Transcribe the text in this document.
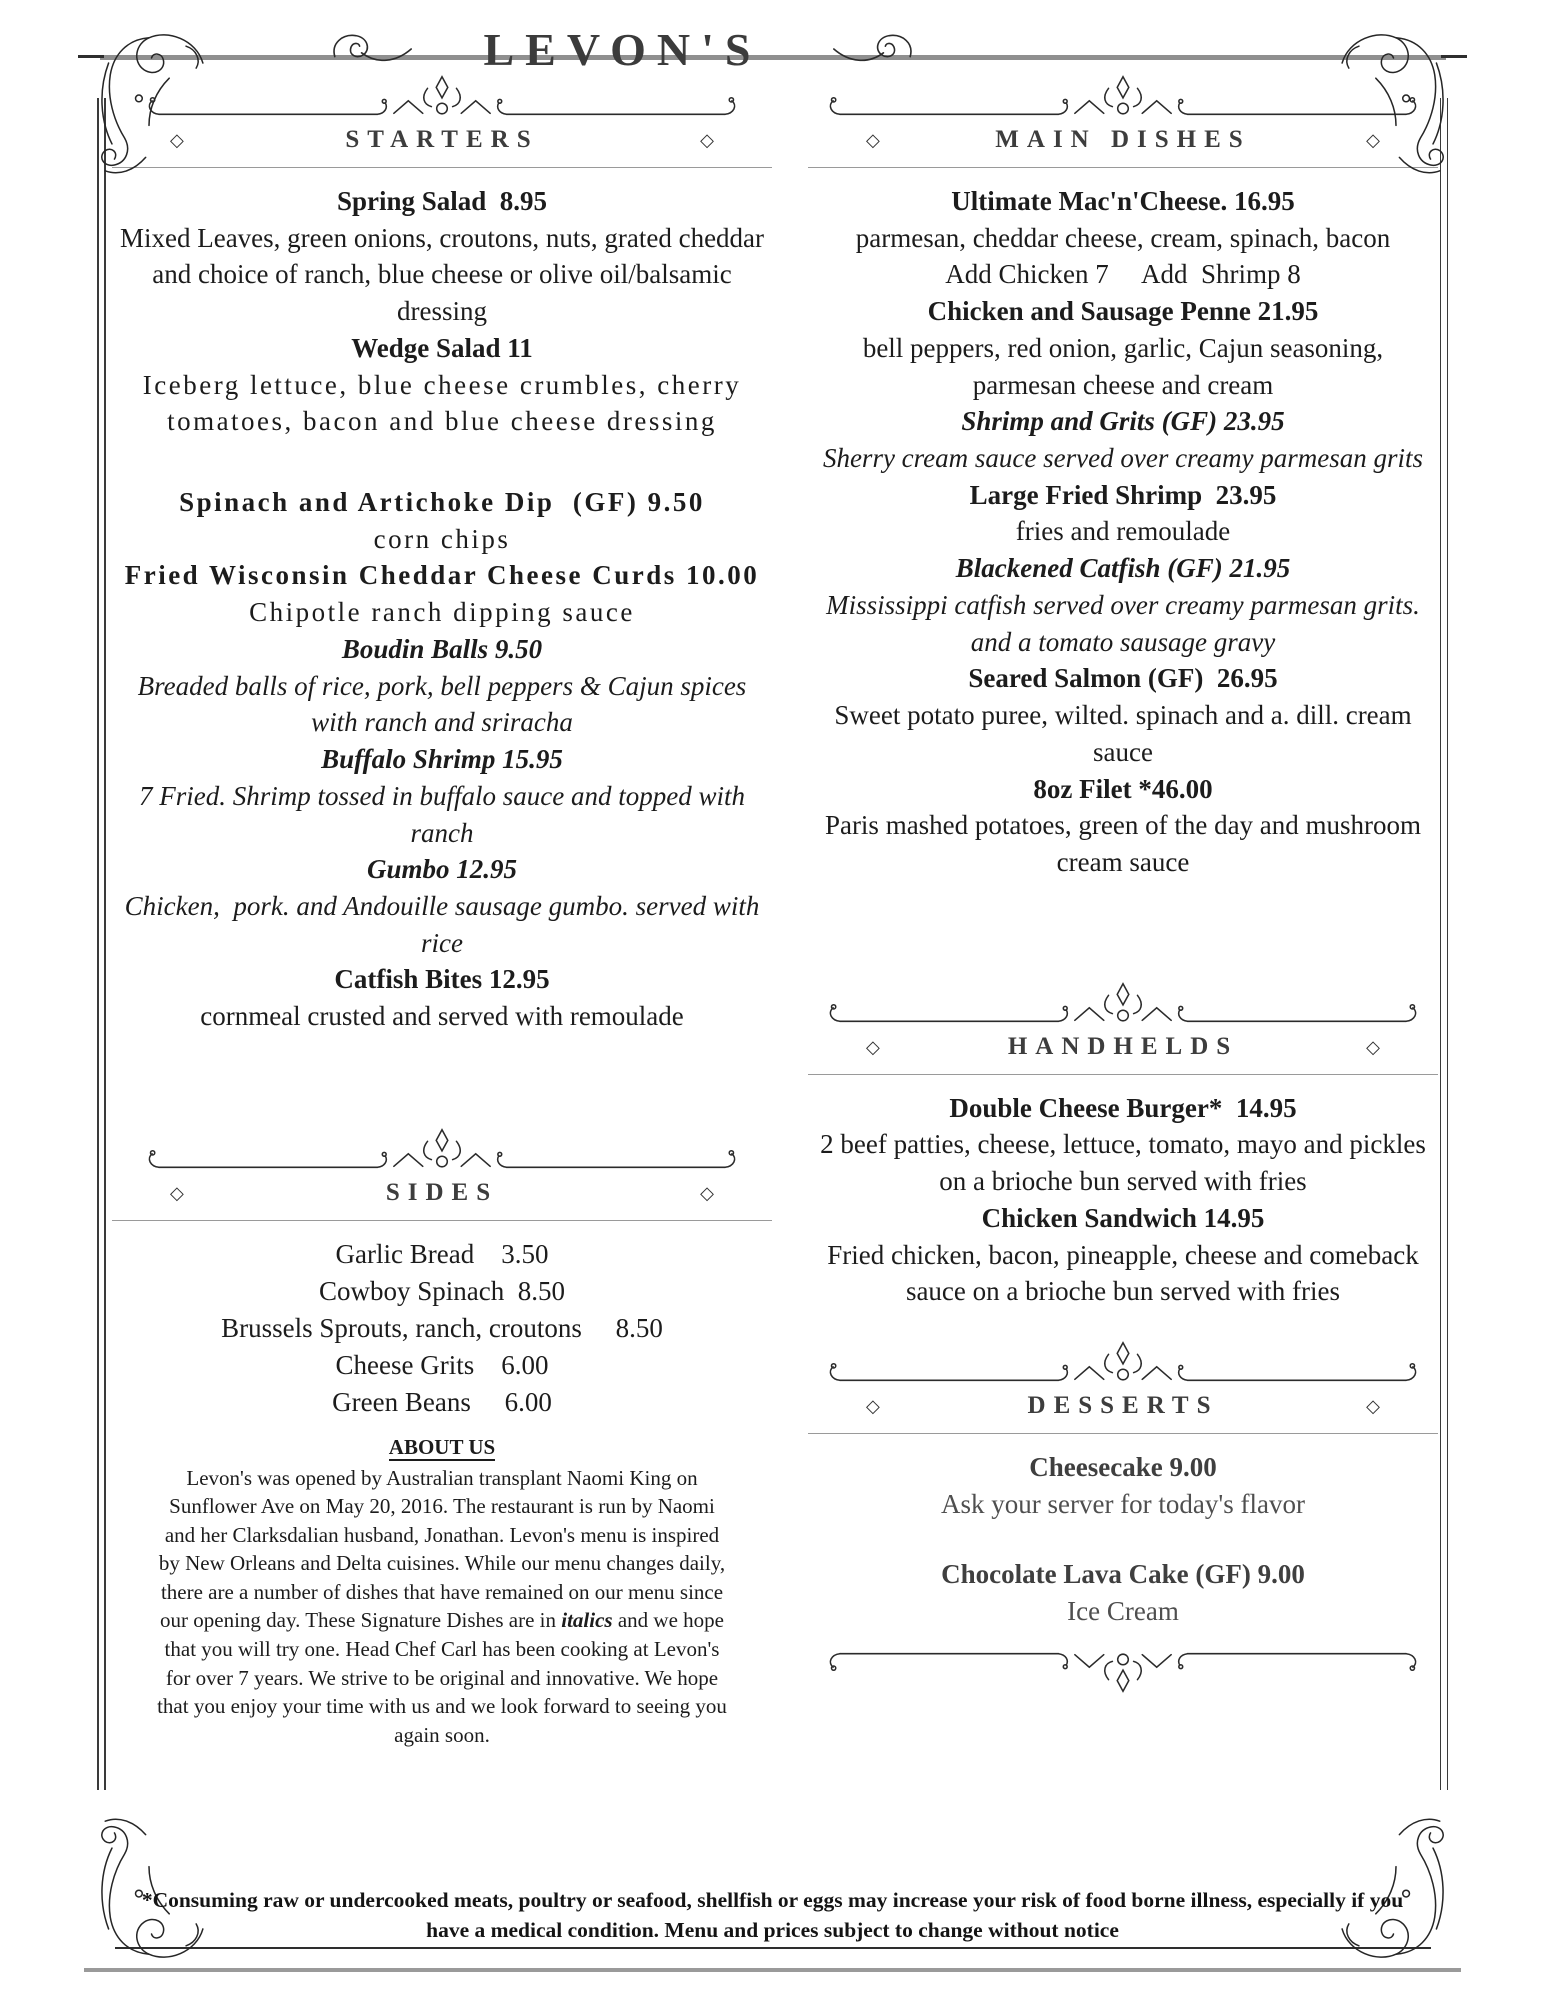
LEVON'S
◇	STARTERS	◇

Spring Salad  8.95

Mixed Leaves, green onions, croutons, nuts, grated cheddar and choice of ranch, blue cheese or olive oil/balsamic dressing

Wedge Salad 11

Iceberg lettuce, blue cheese crumbles, cherry tomatoes, bacon and blue cheese dressing

Spinach and Artichoke Dip  (GF) 9.50

corn chips

Fried Wisconsin Cheddar Cheese Curds 10.00

Chipotle ranch dipping sauce

Boudin Balls 9.50

Breaded balls of rice, pork, bell peppers & Cajun spices with ranch and sriracha

Buffalo Shrimp 15.95

7 Fried. Shrimp tossed in buffalo sauce and topped with ranch

Gumbo 12.95

Chicken,  pork. and Andouille sausage gumbo. served with rice

Catfish Bites 12.95

cornmeal crusted and served with remoulade

◇	SIDES	◇

Garlic Bread    3.50

Cowboy Spinach  8.50

Brussels Sprouts, ranch, croutons     8.50

Cheese Grits    6.00

Green Beans     6.00

ABOUT US

Levon's was opened by Australian transplant Naomi King on Sunflower Ave on May 20, 2016. The restaurant is run by Naomi and her Clarksdalian husband, Jonathan. Levon's menu is inspired by New Orleans and Delta cuisines. While our menu changes daily, there are a number of dishes that have remained on our menu since our opening day. These Signature Dishes are in italics and we hope that you will try one. Head Chef Carl has been cooking at Levon's for over 7 years. We strive to be original and innovative. We hope that you enjoy your time with us and we look forward to seeing you again soon.

◇	MAIN DISHES	◇

Ultimate Mac'n'Cheese. 16.95

parmesan, cheddar cheese, cream, spinach, bacon

Add Chicken 7     Add  Shrimp 8

Chicken and Sausage Penne 21.95

bell peppers, red onion, garlic, Cajun seasoning,  parmesan cheese and cream

Shrimp and Grits (GF) 23.95

Sherry cream sauce served over creamy parmesan grits

Large Fried Shrimp  23.95

fries and remoulade

Blackened Catfish (GF) 21.95

Mississippi catfish served over creamy parmesan grits. and a tomato sausage gravy

Seared Salmon (GF)  26.95

Sweet potato puree, wilted. spinach and a. dill. cream sauce

8oz Filet *46.00

Paris mashed potatoes, green of the day and mushroom cream sauce

◇	HANDHELDS	◇

Double Cheese Burger*  14.95

2 beef patties, cheese, lettuce, tomato, mayo and pickles on a brioche bun served with fries

Chicken Sandwich 14.95

Fried chicken, bacon, pineapple, cheese and comeback sauce on a brioche bun served with fries

◇	DESSERTS	◇

Cheesecake 9.00

Ask your server for today's flavor

Chocolate Lava Cake (GF) 9.00

Ice Cream

*Consuming raw or undercooked meats, poultry or seafood, shellfish or eggs may increase your risk of food borne illness, especially if you have a medical condition. Menu and prices subject to change without notice
